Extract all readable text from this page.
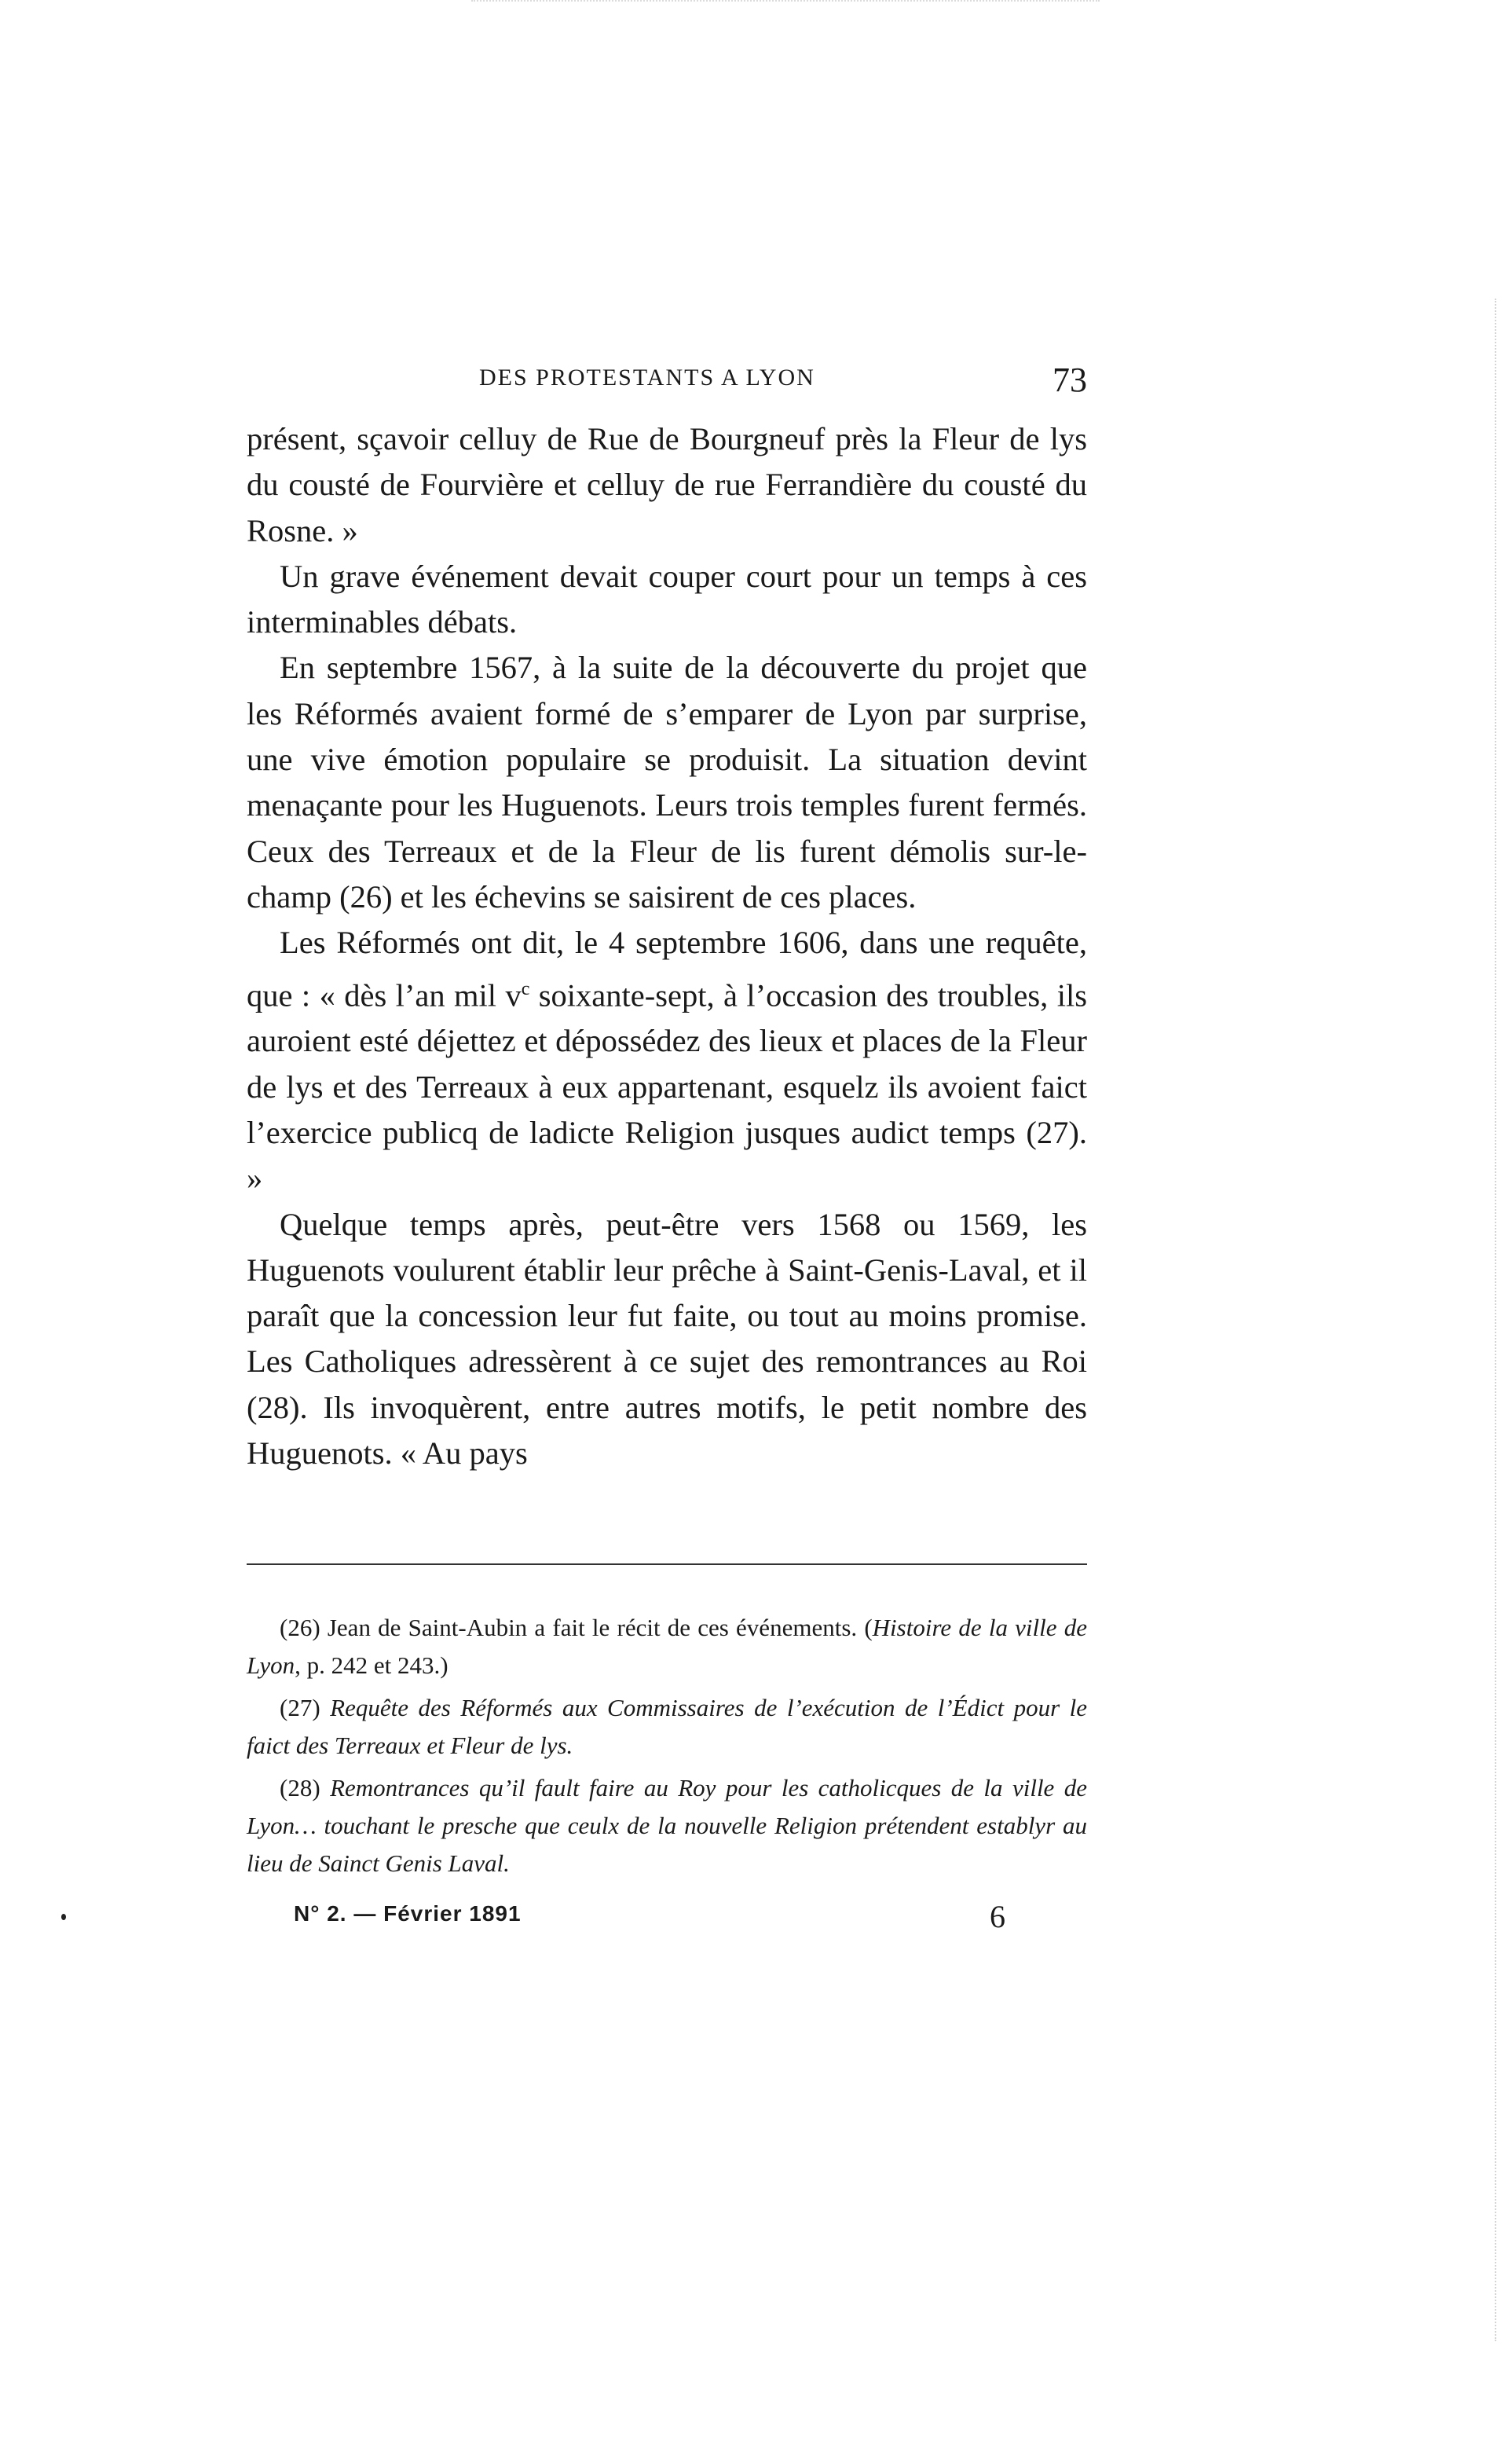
DES PROTESTANTS A LYON	73

présent, sçavoir celluy de Rue de Bourgneuf près la Fleur de lys du cousté de Fourvière et celluy de rue Ferrandière du cousté du Rosne. »

Un grave événement devait couper court pour un temps à ces interminables débats.

En septembre 1567, à la suite de la découverte du projet que les Réformés avaient formé de s’emparer de Lyon par surprise, une vive émotion populaire se produisit. La situation devint menaçante pour les Huguenots. Leurs trois temples furent fermés. Ceux des Terreaux et de la Fleur de lis furent démolis sur-le-champ (26) et les échevins se saisirent de ces places.

Les Réformés ont dit, le 4 septembre 1606, dans une requête, que : « dès l’an mil $v^c$ soixante-sept, à l’occasion des troubles, ils auroient esté déjettez et dépossédez des lieux et places de la Fleur de lys et des Terreaux à eux appartenant, esquelz ils avoient faict l’exercice publicq de ladicte Religion jusques audict temps (27). »

Quelque temps après, peut-être vers 1568 ou 1569, les Huguenots voulurent établir leur prêche à Saint-Genis-Laval, et il paraît que la concession leur fut faite, ou tout au moins promise. Les Catholiques adressèrent à ce sujet des remontrances au Roi (28). Ils invoquèrent, entre autres motifs, le petit nombre des Huguenots. « Au pays

(26) Jean de Saint-Aubin a fait le récit de ces événements. (Histoire de la ville de Lyon, p. 242 et 243.)

(27) Requête des Réformés aux Commissaires de l’exécution de l’Édict pour le faict des Terreaux et Fleur de lys.

(28) Remontrances qu’il fault faire au Roy pour les catholicques de la ville de Lyon… touchant le presche que ceulx de la nouvelle Religion prétendent establyr au lieu de Sainct Genis Laval.

N° 2. — Février 1891	6
